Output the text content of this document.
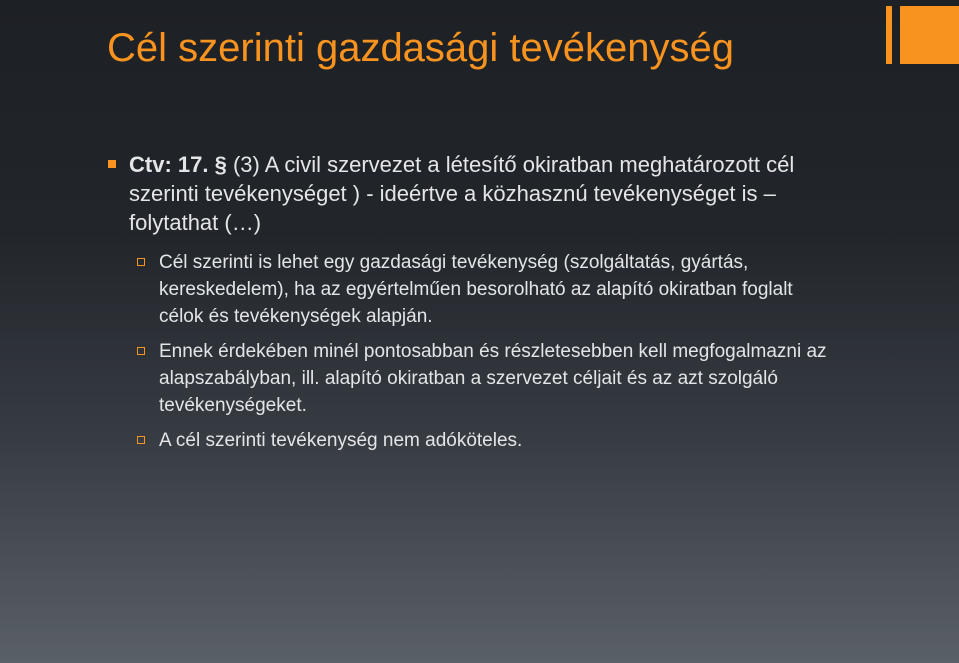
Cél szerinti gazdasági tevékenység
Ctv: 17. § (3) A civil szervezet a létesítő okiratban meghatározott cél szerinti tevékenységet ) - ideértve a közhasznú tevékenységet is – folytathat (…)
Cél szerinti is lehet egy gazdasági tevékenység (szolgáltatás, gyártás, kereskedelem), ha az egyértelműen besorolható az alapító okiratban foglalt célok és tevékenységek alapján.
Ennek érdekében minél pontosabban és részletesebben kell megfogalmazni az alapszabályban, ill. alapító okiratban a szervezet céljait és az azt szolgáló tevékenységeket.
A cél szerinti tevékenység nem adóköteles.
